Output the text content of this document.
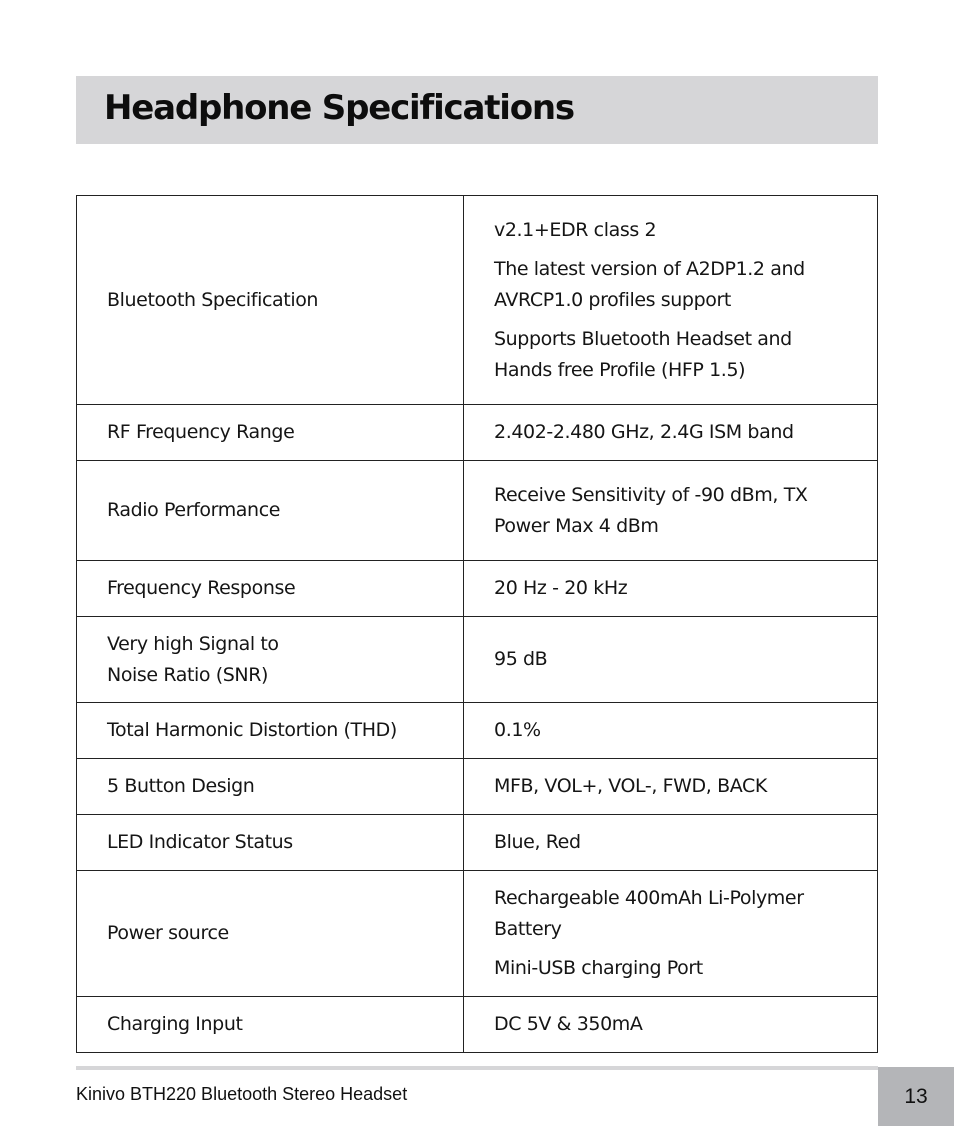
Headphone Specifications
Bluetooth Specification	v2.1+EDR class 2
The latest version of A2DP1.2 and
AVRCP1.0 profiles support
Supports Bluetooth Headset and
Hands free Profile (HFP 1.5)

RF Frequency Range	2.402-2.480 GHz, 2.4G ISM band

Radio Performance	Receive Sensitivity of -90 dBm, TX
Power Max 4 dBm

Frequency Response	20 Hz - 20 kHz

Very high Signal to
Noise Ratio (SNR)	95 dB

Total Harmonic Distortion (THD)	0.1%

5 Button Design	MFB, VOL+, VOL-, FWD, BACK

LED Indicator Status	Blue, Red

Power source	Rechargeable 400mAh Li-Polymer
Battery
Mini-USB charging Port

Charging Input	DC 5V & 350mA
Kinivo BTH220 Bluetooth Stereo Headset	13
